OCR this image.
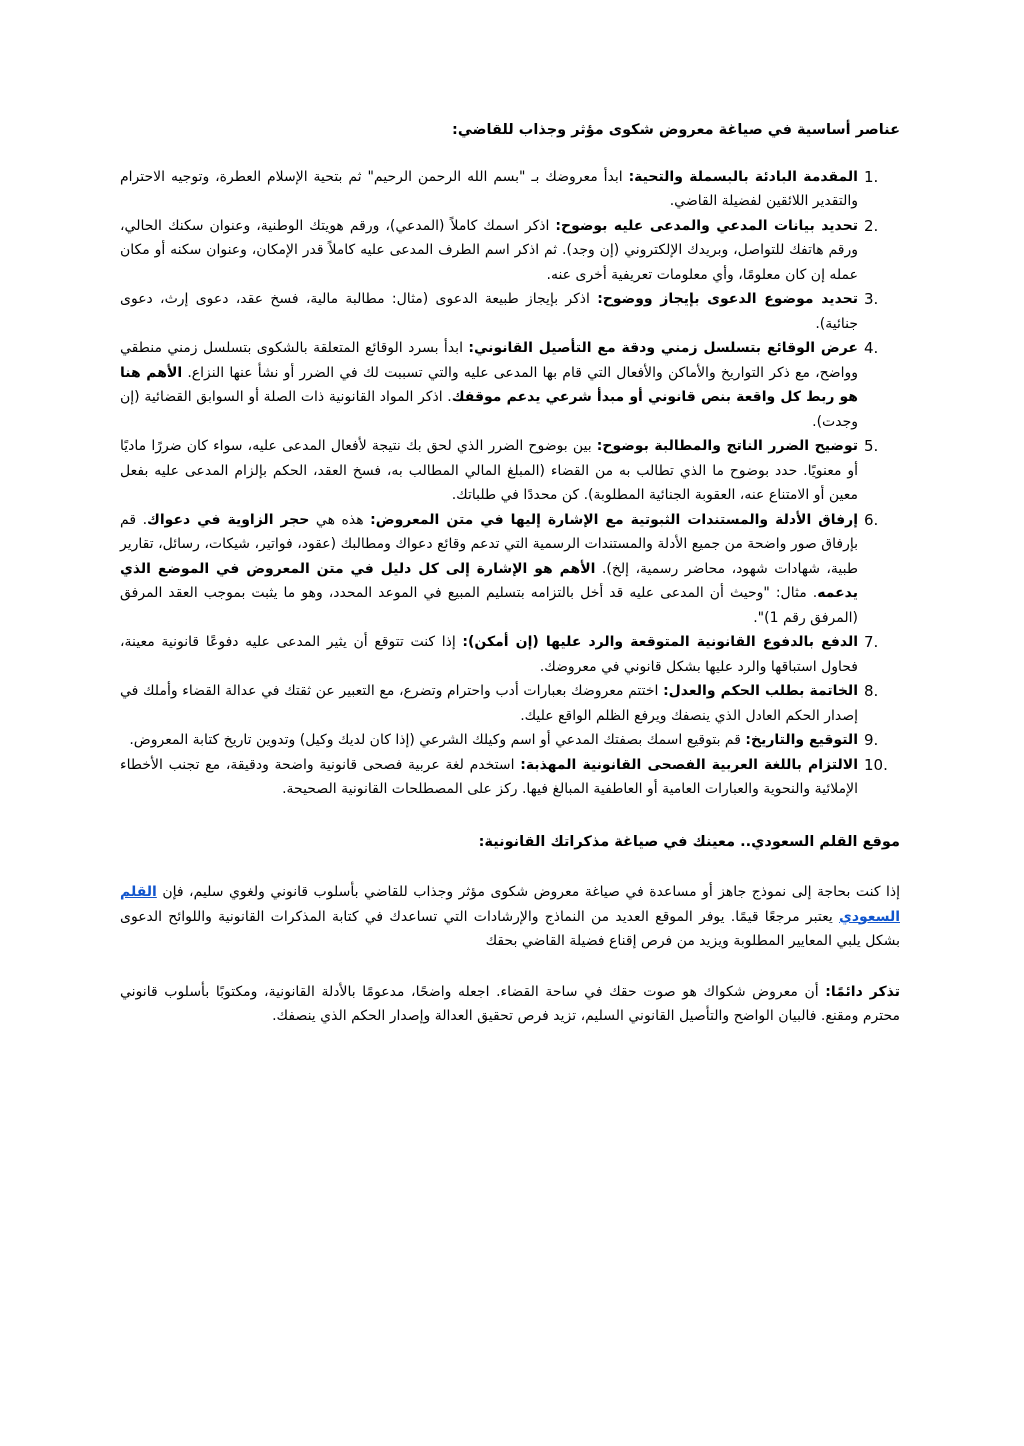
عناصر أساسية في صياغة معروض شكوى مؤثر وجذاب للقاضي:
1.
المقدمة البادئة بالبسملة والتحية: ابدأ معروضك بـ "بسم الله الرحمن الرحيم" ثم بتحية الإسلام العطرة، وتوجيه الاحترام والتقدير اللائقين لفضيلة القاضي.
2.
تحديد بيانات المدعي والمدعى عليه بوضوح: اذكر اسمك كاملاً (المدعي)، ورقم هويتك الوطنية، وعنوان سكنك الحالي، ورقم هاتفك للتواصل، وبريدك الإلكتروني (إن وجد). ثم اذكر اسم الطرف المدعى عليه كاملاً قدر الإمكان، وعنوان سكنه أو مكان عمله إن كان معلومًا، وأي معلومات تعريفية أخرى عنه.
3.
تحديد موضوع الدعوى بإيجاز ووضوح: اذكر بإيجاز طبيعة الدعوى (مثال: مطالبة مالية، فسخ عقد، دعوى إرث، دعوى جنائية).
4.
عرض الوقائع بتسلسل زمني ودقة مع التأصيل القانوني: ابدأ بسرد الوقائع المتعلقة بالشكوى بتسلسل زمني منطقي وواضح، مع ذكر التواريخ والأماكن والأفعال التي قام بها المدعى عليه والتي تسببت لك في الضرر أو نشأ عنها النزاع. الأهم هنا هو ربط كل واقعة بنص قانوني أو مبدأ شرعي يدعم موقفك. اذكر المواد القانونية ذات الصلة أو السوابق القضائية (إن وجدت).
5.
توضيح الضرر الناتج والمطالبة بوضوح: بين بوضوح الضرر الذي لحق بك نتيجة لأفعال المدعى عليه، سواء كان ضررًا ماديًا أو معنويًا. حدد بوضوح ما الذي تطالب به من القضاء (المبلغ المالي المطالب به، فسخ العقد، الحكم بإلزام المدعى عليه بفعل معين أو الامتناع عنه، العقوبة الجنائية المطلوبة). كن محددًا في طلباتك.
6.
إرفاق الأدلة والمستندات الثبوتية مع الإشارة إليها في متن المعروض: هذه هي حجر الزاوية في دعواك. قم بإرفاق صور واضحة من جميع الأدلة والمستندات الرسمية التي تدعم وقائع دعواك ومطالبك (عقود، فواتير، شيكات، رسائل، تقارير طبية، شهادات شهود، محاضر رسمية، إلخ). الأهم هو الإشارة إلى كل دليل في متن المعروض في الموضع الذي يدعمه. مثال: "وحيث أن المدعى عليه قد أخل بالتزامه بتسليم المبيع في الموعد المحدد، وهو ما يثبت بموجب العقد المرفق (المرفق رقم 1)".
7.
الدفع بالدفوع القانونية المتوقعة والرد عليها (إن أمكن): إذا كنت تتوقع أن يثير المدعى عليه دفوعًا قانونية معينة، فحاول استباقها والرد عليها بشكل قانوني في معروضك.
8.
الخاتمة بطلب الحكم والعدل: اختتم معروضك بعبارات أدب واحترام وتضرع، مع التعبير عن ثقتك في عدالة القضاء وأملك في إصدار الحكم العادل الذي ينصفك ويرفع الظلم الواقع عليك.
9.
التوقيع والتاريخ: قم بتوقيع اسمك بصفتك المدعي أو اسم وكيلك الشرعي (إذا كان لديك وكيل) وتدوين تاريخ كتابة المعروض.
10.
الالتزام باللغة العربية الفصحى القانونية المهذبة: استخدم لغة عربية فصحى قانونية واضحة ودقيقة، مع تجنب الأخطاء الإملائية والنحوية والعبارات العامية أو العاطفية المبالغ فيها. ركز على المصطلحات القانونية الصحيحة.
موقع القلم السعودي.. معينك في صياغة مذكراتك القانونية:

إذا كنت بحاجة إلى نموذج جاهز أو مساعدة في صياغة معروض شكوى مؤثر وجذاب للقاضي بأسلوب قانوني ولغوي سليم، فإن القلم السعودي يعتبر مرجعًا قيمًا. يوفر الموقع العديد من النماذج والإرشادات التي تساعدك في كتابة المذكرات القانونية واللوائح الدعوى بشكل يلبي المعايير المطلوبة ويزيد من فرص إقناع فضيلة القاضي بحقك

تذكر دائمًا: أن معروض شكواك هو صوت حقك في ساحة القضاء. اجعله واضحًا، مدعومًا بالأدلة القانونية، ومكتوبًا بأسلوب قانوني محترم ومقنع. فالبيان الواضح والتأصيل القانوني السليم، تزيد فرص تحقيق العدالة وإصدار الحكم الذي ينصفك.
